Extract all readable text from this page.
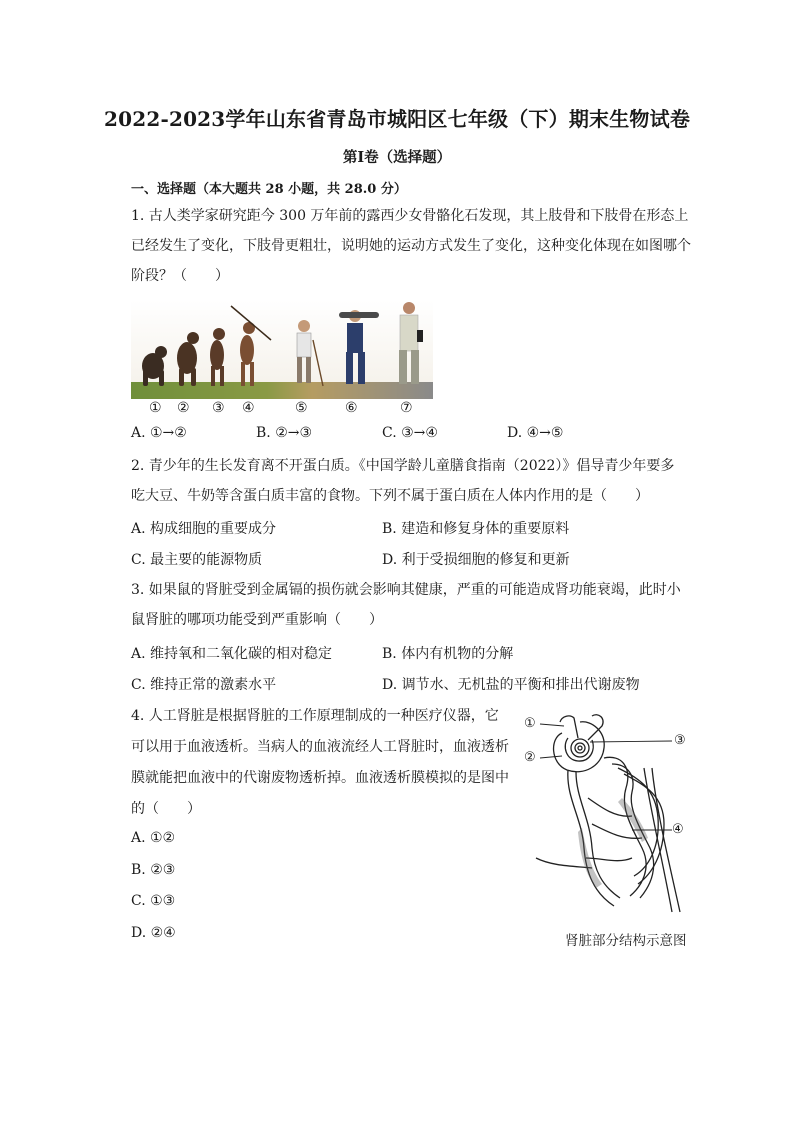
2022-2023学年山东省青岛市城阳区七年级（下）期末生物试卷
第I卷（选择题）
一、选择题（本大题共 28 小题，共 28.0 分）
1. 古人类学家研究距今 300 万年前的露西少女骨骼化石发现，其上肢骨和下肢骨在形态上
已经发生了变化，下肢骨更粗壮，说明她的运动方式发生了变化，这种变化体现在如图哪个
阶段？（　　）
① ② ③ ④	⑤	⑥	⑦
A. ①→②	B. ②→③	C. ③→④	D. ④→⑤
2. 青少年的生长发育离不开蛋白质。《中国学龄儿童膳食指南（2022）》倡导青少年要多
吃大豆、牛奶等含蛋白质丰富的食物。下列不属于蛋白质在人体内作用的是（　　）
A. 构成细胞的重要成分	B. 建造和修复身体的重要原料
C. 最主要的能源物质	D. 利于受损细胞的修复和更新
3. 如果鼠的肾脏受到金属镉的损伤就会影响其健康，严重的可能造成肾功能衰竭，此时小
鼠肾脏的哪项功能受到严重影响（　　）
A. 维持氧和二氧化碳的相对稳定	B. 体内有机物的分解
C. 维持正常的激素水平	D. 调节水、无机盐的平衡和排出代谢废物
4. 人工肾脏是根据肾脏的工作原理制成的一种医疗仪器，它
可以用于血液透析。当病人的血液流经人工肾脏时，血液透析
膜就能把血液中的代谢废物透析掉。血液透析膜模拟的是图中
的（　　）
A. ①②
B. ②③
C. ①③
D. ②④
①
②
③
④
肾脏部分结构示意图
